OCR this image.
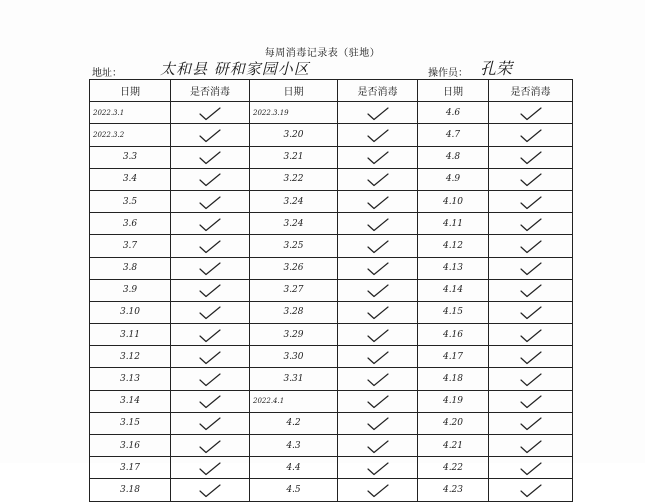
每周消毒记录表（驻地）
地址：	太和县 研和家园小区	操作员： 孔荣
日期	是否消毒	日期	是否消毒	日期	是否消毒
2022.3.1		2022.3.19		4.6	
2022.3.2		3.20		4.7	
3.3		3.21		4.8	
3.4		3.22		4.9	
3.5		3.24		4.10	
3.6		3.24		4.11	
3.7		3.25		4.12	
3.8		3.26		4.13	
3.9		3.27		4.14	
3.10		3.28		4.15	
3.11		3.29		4.16	
3.12		3.30		4.17	
3.13		3.31		4.18	
3.14		2022.4.1		4.19	
3.15		4.2		4.20	
3.16		4.3		4.21	
3.17		4.4		4.22	
3.18		4.5		4.23	
